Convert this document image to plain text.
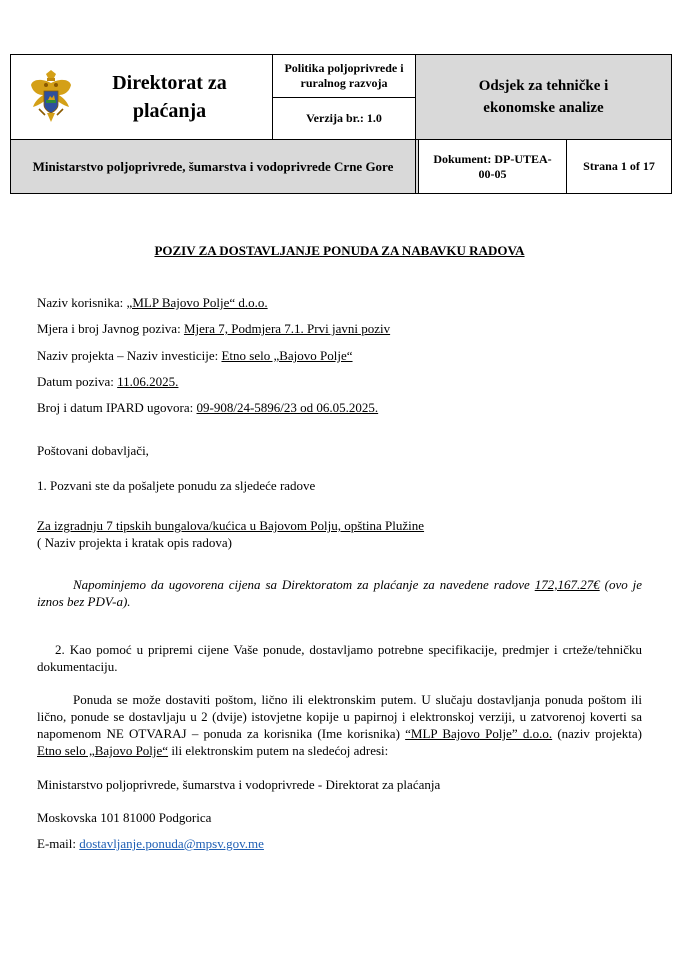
Direktorat za
plaćanja	Politika poljoprivrede i ruralnog razvoja	Odsjek za tehničke i ekonomske analize		

	Verzija br.: 1.0			
Ministarstvo poljoprivrede, šumarstva i vodoprivrede Crne Gore			Dokument: DP-UTEA-00-05	Strana 1 of 17
POZIV ZA DOSTAVLJANJE PONUDA ZA NABAVKU RADOVA
Naziv korisnika: „MLP Bajovo Polje“ d.o.o.
Mjera i broj Javnog poziva: Mjera 7, Podmjera 7.1. Prvi javni poziv
Naziv projekta – Naziv investicije: Etno selo „Bajovo Polje“
Datum poziva: 11.06.2025.
Broj i datum IPARD ugovora: 09-908/24-5896/23 od 06.05.2025.
Poštovani dobavljači,
1. Pozvani ste da pošaljete ponudu za sljedeće radove
Za izgradnju 7 tipskih bungalova/kućica u Bajovom Polju, opština Plužine
( Naziv projekta i kratak opis radova)
Napominjemo da ugovorena cijena sa Direktoratom za plaćanje za navedene radove 172,167.27€ (ovo je iznos bez PDV-a).
2. Kao pomoć u pripremi cijene Vaše ponude, dostavljamo potrebne specifikacije, predmjer i crteže/tehničku dokumentaciju.
Ponuda se može dostaviti poštom, lično ili elektronskim putem. U slučaju dostavljanja ponuda poštom ili lično, ponude se dostavljaju u 2 (dvije) istovjetne kopije u papirnoj i elektronskoj verziji, u zatvorenoj koverti sa napomenom NE OTVARAJ – ponuda za korisnika (Ime korisnika) “MLP Bajovo Polje” d.o.o. (naziv projekta) Etno selo „Bajovo Polje“ ili elektronskim putem na sledećoj adresi:
Ministarstvo poljoprivrede, šumarstva i vodoprivrede - Direktorat za plaćanja
Moskovska 101 81000 Podgorica
E-mail: dostavljanje.ponuda@mpsv.gov.me
